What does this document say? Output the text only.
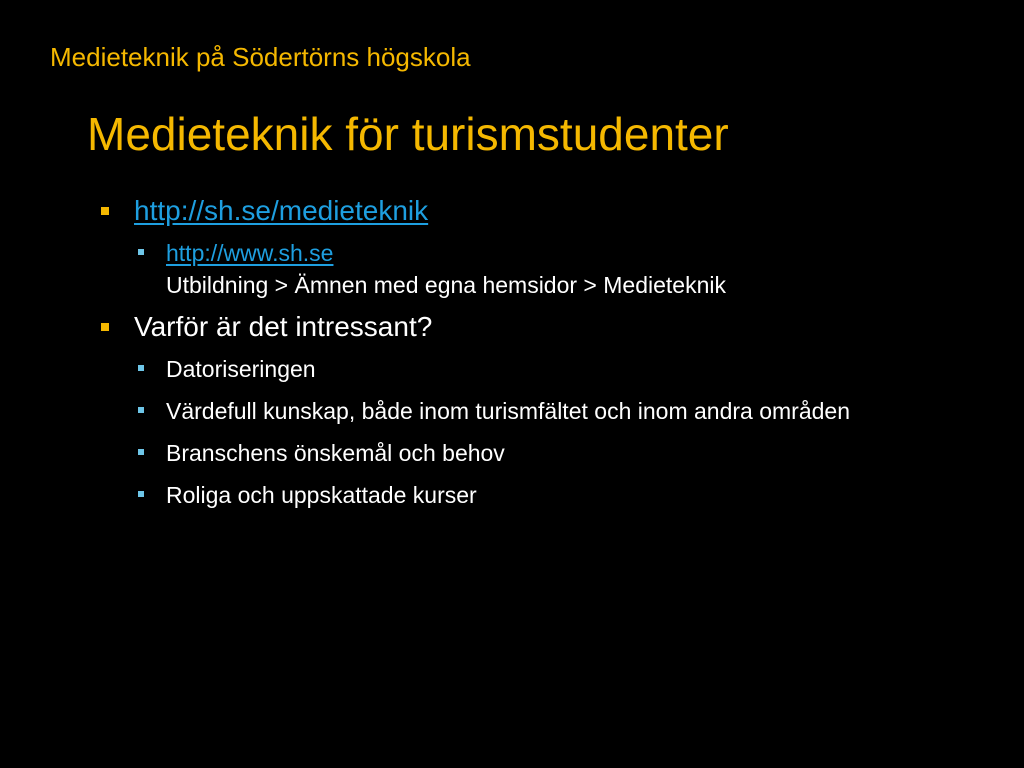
Medieteknik på Södertörns högskola
Medieteknik för turismstudenter
http://sh.se/medieteknik
http://www.sh.se
Utbildning > Ämnen med egna hemsidor > Medieteknik
Varför är det intressant?
Datoriseringen
Värdefull kunskap, både inom turismfältet och inom andra områden
Branschens önskemål och behov
Roliga och uppskattade kurser
